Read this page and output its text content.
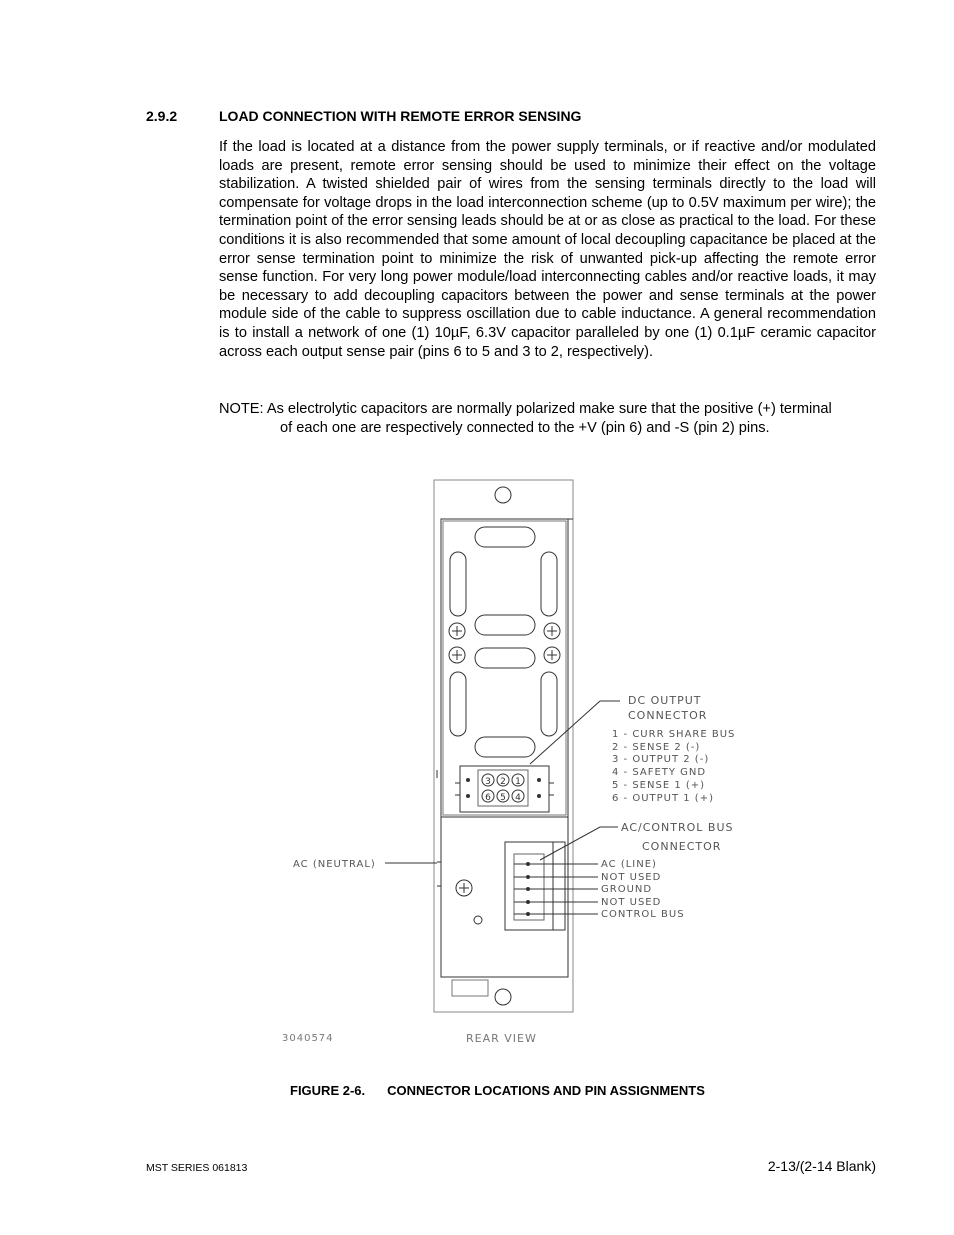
2.9.2	LOAD CONNECTION WITH REMOTE ERROR SENSING
If the load is located at a distance from the power supply terminals, or if reactive and/or modulated loads are present, remote error sensing should be used to minimize their effect on the voltage stabilization. A twisted shielded pair of wires from the sensing terminals directly to the load will compensate for voltage drops in the load interconnection scheme (up to 0.5V maximum per wire); the termination point of the error sensing leads should be at or as close as practical to the load. For these conditions it is also recommended that some amount of local decoupling capacitance be placed at the error sense termination point to minimize the risk of unwanted pick-up affecting the remote error sense function. For very long power module/load interconnecting cables and/or reactive loads, it may be necessary to add decoupling capacitors between the power and sense terminals at the power module side of the cable to suppress oscillation due to cable inductance. A general recommendation is to install a network of one (1) 10µF, 6.3V capacitor paralleled by one (1) 0.1µF ceramic capacitor across each output sense pair (pins 6 to 5 and 3 to 2, respectively).
NOTE: As electrolytic capacitors are normally polarized make sure that the positive (+) terminal
of each one are respectively connected to the +V (pin 6) and -S (pin 2) pins.
3 2 1
6 5 4
DC OUTPUT
CONNECTOR
1 - CURR SHARE BUS
2 - SENSE 2 (-)
3 - OUTPUT 2 (-)
4 - SAFETY GND
5 - SENSE 1 (+)
6 - OUTPUT 1 (+)
AC/CONTROL BUS
CONNECTOR
AC (LINE)
NOT USED
GROUND
NOT USED
CONTROL BUS
AC (NEUTRAL)
3040574	REAR VIEW
FIGURE 2-6. CONNECTOR LOCATIONS AND PIN ASSIGNMENTS
MST SERIES 061813	2-13/(2-14 Blank)
